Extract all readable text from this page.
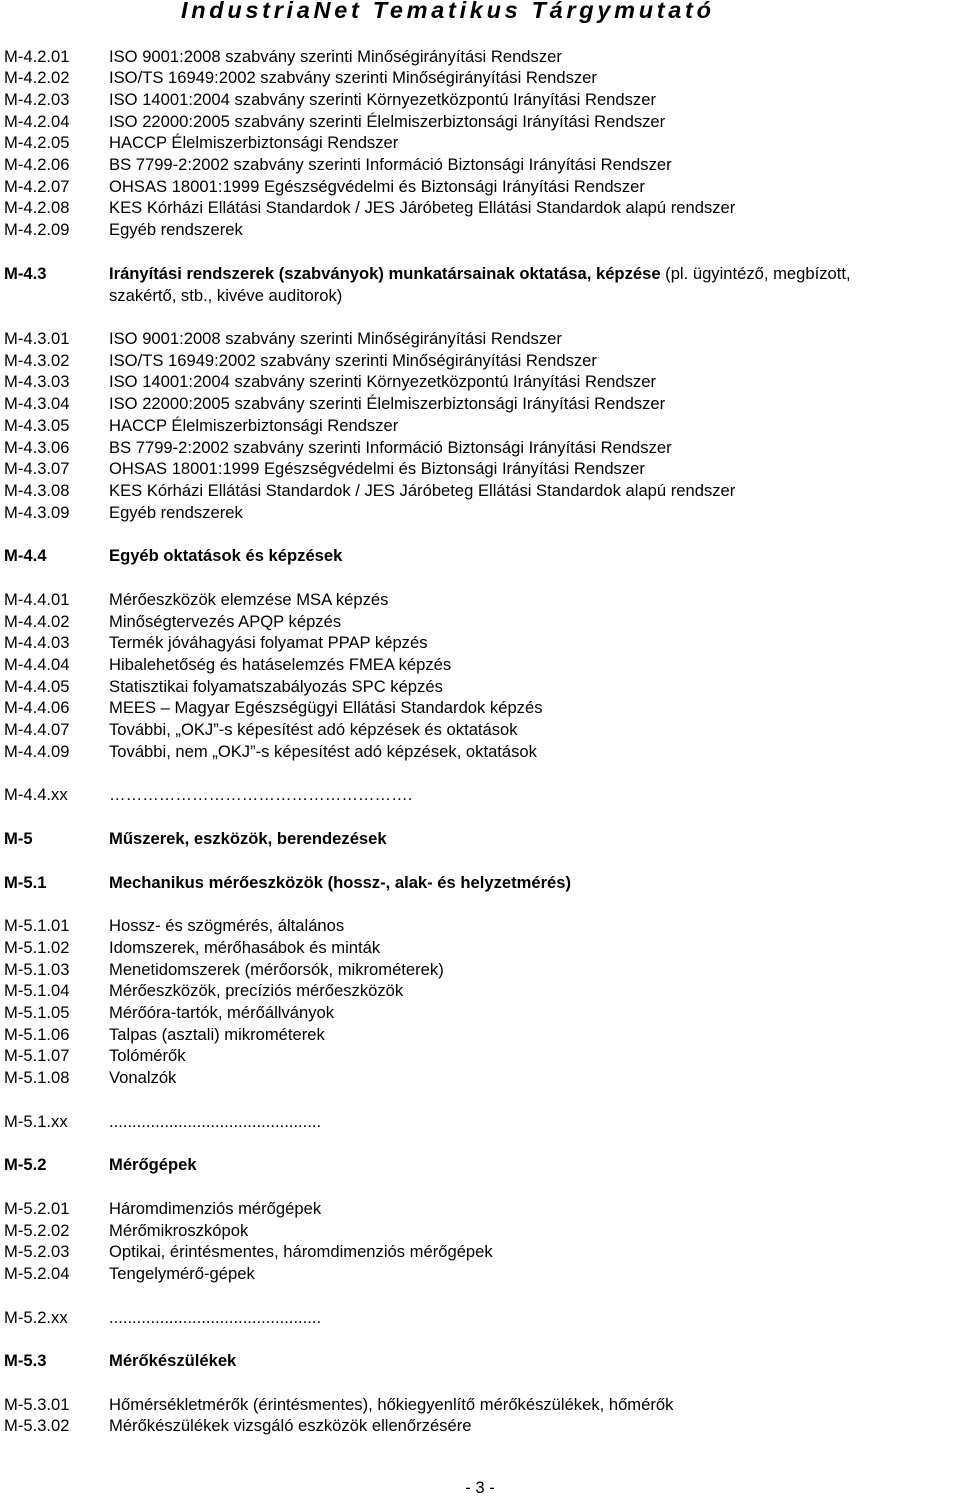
IndustriaNet Tematikus Tárgymutató
M-4.2.01 ISO 9001:2008 szabvány szerinti Minőségirányítási Rendszer
M-4.2.02 ISO/TS 16949:2002 szabvány szerinti Minőségirányítási Rendszer
M-4.2.03 ISO 14001:2004 szabvány szerinti Környezetközpontú Irányítási Rendszer
M-4.2.04 ISO 22000:2005 szabvány szerinti Élelmiszerbiztonsági Irányítási Rendszer
M-4.2.05 HACCP Élelmiszerbiztonsági Rendszer
M-4.2.06 BS 7799-2:2002 szabvány szerinti Információ Biztonsági Irányítási Rendszer
M-4.2.07 OHSAS 18001:1999 Egészségvédelmi és Biztonsági Irányítási Rendszer
M-4.2.08 KES Kórházi Ellátási Standardok / JES Járóbeteg Ellátási Standardok alapú rendszer
M-4.2.09 Egyéb rendszerek
M-4.3	Irányítási rendszerek (szabványok) munkatársainak oktatása, képzése (pl. ügyintéző, megbízott,
szakértő, stb., kivéve auditorok)
M-4.3.01 ISO 9001:2008 szabvány szerinti Minőségirányítási Rendszer
M-4.3.02 ISO/TS 16949:2002 szabvány szerinti Minőségirányítási Rendszer
M-4.3.03 ISO 14001:2004 szabvány szerinti Környezetközpontú Irányítási Rendszer
M-4.3.04 ISO 22000:2005 szabvány szerinti Élelmiszerbiztonsági Irányítási Rendszer
M-4.3.05 HACCP Élelmiszerbiztonsági Rendszer
M-4.3.06 BS 7799-2:2002 szabvány szerinti Információ Biztonsági Irányítási Rendszer
M-4.3.07 OHSAS 18001:1999 Egészségvédelmi és Biztonsági Irányítási Rendszer
M-4.3.08 KES Kórházi Ellátási Standardok / JES Járóbeteg Ellátási Standardok alapú rendszer
M-4.3.09 Egyéb rendszerek
M-4.4	Egyéb oktatások és képzések
M-4.4.01 Mérőeszközök elemzése MSA képzés
M-4.4.02 Minőségtervezés APQP képzés
M-4.4.03 Termék jóváhagyási folyamat PPAP képzés
M-4.4.04 Hibalehetőség és hatáselemzés FMEA képzés
M-4.4.05 Statisztikai folyamatszabályozás SPC képzés
M-4.4.06 MEES – Magyar Egészségügyi Ellátási Standardok képzés
M-4.4.07 További, „OKJ”-s képesítést adó képzések és oktatások
M-4.4.09 További, nem „OKJ”-s képesítést adó képzések, oktatások
M-4.4.xx ……………………………………………….
M-5	Műszerek, eszközök, berendezések
M-5.1	Mechanikus mérőeszközök (hossz-, alak- és helyzetmérés)
M-5.1.01 Hossz- és szögmérés, általános
M-5.1.02 Idomszerek, mérőhasábok és minták
M-5.1.03 Menetidomszerek (mérőorsók, mikrométerek)
M-5.1.04 Mérőeszközök, precíziós mérőeszközök
M-5.1.05 Mérőóra-tartók, mérőállványok
M-5.1.06 Talpas (asztali) mikrométerek
M-5.1.07 Tolómérők
M-5.1.08 Vonalzók
M-5.1.xx ..............................................
M-5.2	Mérőgépek
M-5.2.01 Háromdimenziós mérőgépek
M-5.2.02 Mérőmikroszkópok
M-5.2.03 Optikai, érintésmentes, háromdimenziós mérőgépek
M-5.2.04 Tengelymérő-gépek
M-5.2.xx ..............................................
M-5.3	Mérőkészülékek
M-5.3.01 Hőmérsékletmérők (érintésmentes), hőkiegyenlítő mérőkészülékek, hőmérők
M-5.3.02 Mérőkészülékek vizsgáló eszközök ellenőrzésére
- 3 -
